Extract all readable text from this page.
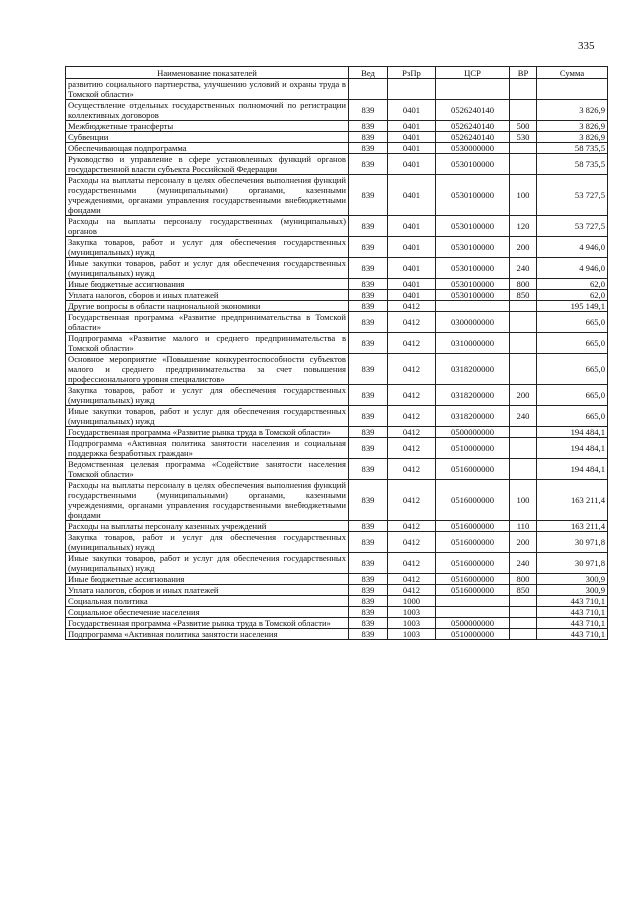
335
Наименование показателей	Вед	РзПр	ЦСР	ВР	Сумма
развитию социального партнерства, улучшению условий и охраны труда в Томской области»					
Осуществление отдельных государственных полномочий по регистрации коллективных договоров	839	0401	0526240140		3 826,9
Межбюджетные трансферты	839	0401	0526240140	500	3 826,9
Субвенции	839	0401	0526240140	530	3 826,9
Обеспечивающая подпрограмма	839	0401	0530000000		58 735,5
Руководство и управление в сфере установленных функций органов государственной власти субъекта Российской Федерации	839	0401	0530100000		58 735,5
Расходы на выплаты персоналу в целях обеспечения выполнения функций государственными (муниципальными) органами, казенными учреждениями, органами управления государственными внебюджетными фондами	839	0401	0530100000	100	53 727,5
Расходы на выплаты персоналу государственных (муниципальных) органов	839	0401	0530100000	120	53 727,5
Закупка товаров, работ и услуг для обеспечения государственных (муниципальных) нужд	839	0401	0530100000	200	4 946,0
Иные закупки товаров, работ и услуг для обеспечения государственных (муниципальных) нужд	839	0401	0530100000	240	4 946,0
Иные бюджетные ассигнования	839	0401	0530100000	800	62,0
Уплата налогов, сборов и иных платежей	839	0401	0530100000	850	62,0
Другие вопросы в области национальной экономики	839	0412			195 149,1
Государственная программа «Развитие предпринимательства в Томской области»	839	0412	0300000000		665,0
Подпрограмма «Развитие малого и среднего предпринимательства в Томской области»	839	0412	0310000000		665,0
Основное мероприятие «Повышение конкурентоспособности субъектов малого и среднего предпринимательства за счет повышения профессионального уровня специалистов»	839	0412	0318200000		665,0
Закупка товаров, работ и услуг для обеспечения государственных (муниципальных) нужд	839	0412	0318200000	200	665,0
Иные закупки товаров, работ и услуг для обеспечения государственных (муниципальных) нужд	839	0412	0318200000	240	665,0
Государственная программа «Развитие рынка труда в Томской области»	839	0412	0500000000		194 484,1
Подпрограмма «Активная политика занятости населения и социальная поддержка безработных граждан»	839	0412	0510000000		194 484,1
Ведомственная целевая программа «Содействие занятости населения Томской области»	839	0412	0516000000		194 484,1
Расходы на выплаты персоналу в целях обеспечения выполнения функций государственными (муниципальными) органами, казенными учреждениями, органами управления государственными внебюджетными фондами	839	0412	0516000000	100	163 211,4
Расходы на выплаты персоналу казенных учреждений	839	0412	0516000000	110	163 211,4
Закупка товаров, работ и услуг для обеспечения государственных (муниципальных) нужд	839	0412	0516000000	200	30 971,8
Иные закупки товаров, работ и услуг для обеспечения государственных (муниципальных) нужд	839	0412	0516000000	240	30 971,8
Иные бюджетные ассигнования	839	0412	0516000000	800	300,9
Уплата налогов, сборов и иных платежей	839	0412	0516000000	850	300,9
Социальная политика	839	1000			443 710,1
Социальное обеспечение населения	839	1003			443 710,1
Государственная программа «Развитие рынка труда в Томской области»	839	1003	0500000000		443 710,1
Подпрограмма «Активная политика занятости населения	839	1003	0510000000		443 710,1
